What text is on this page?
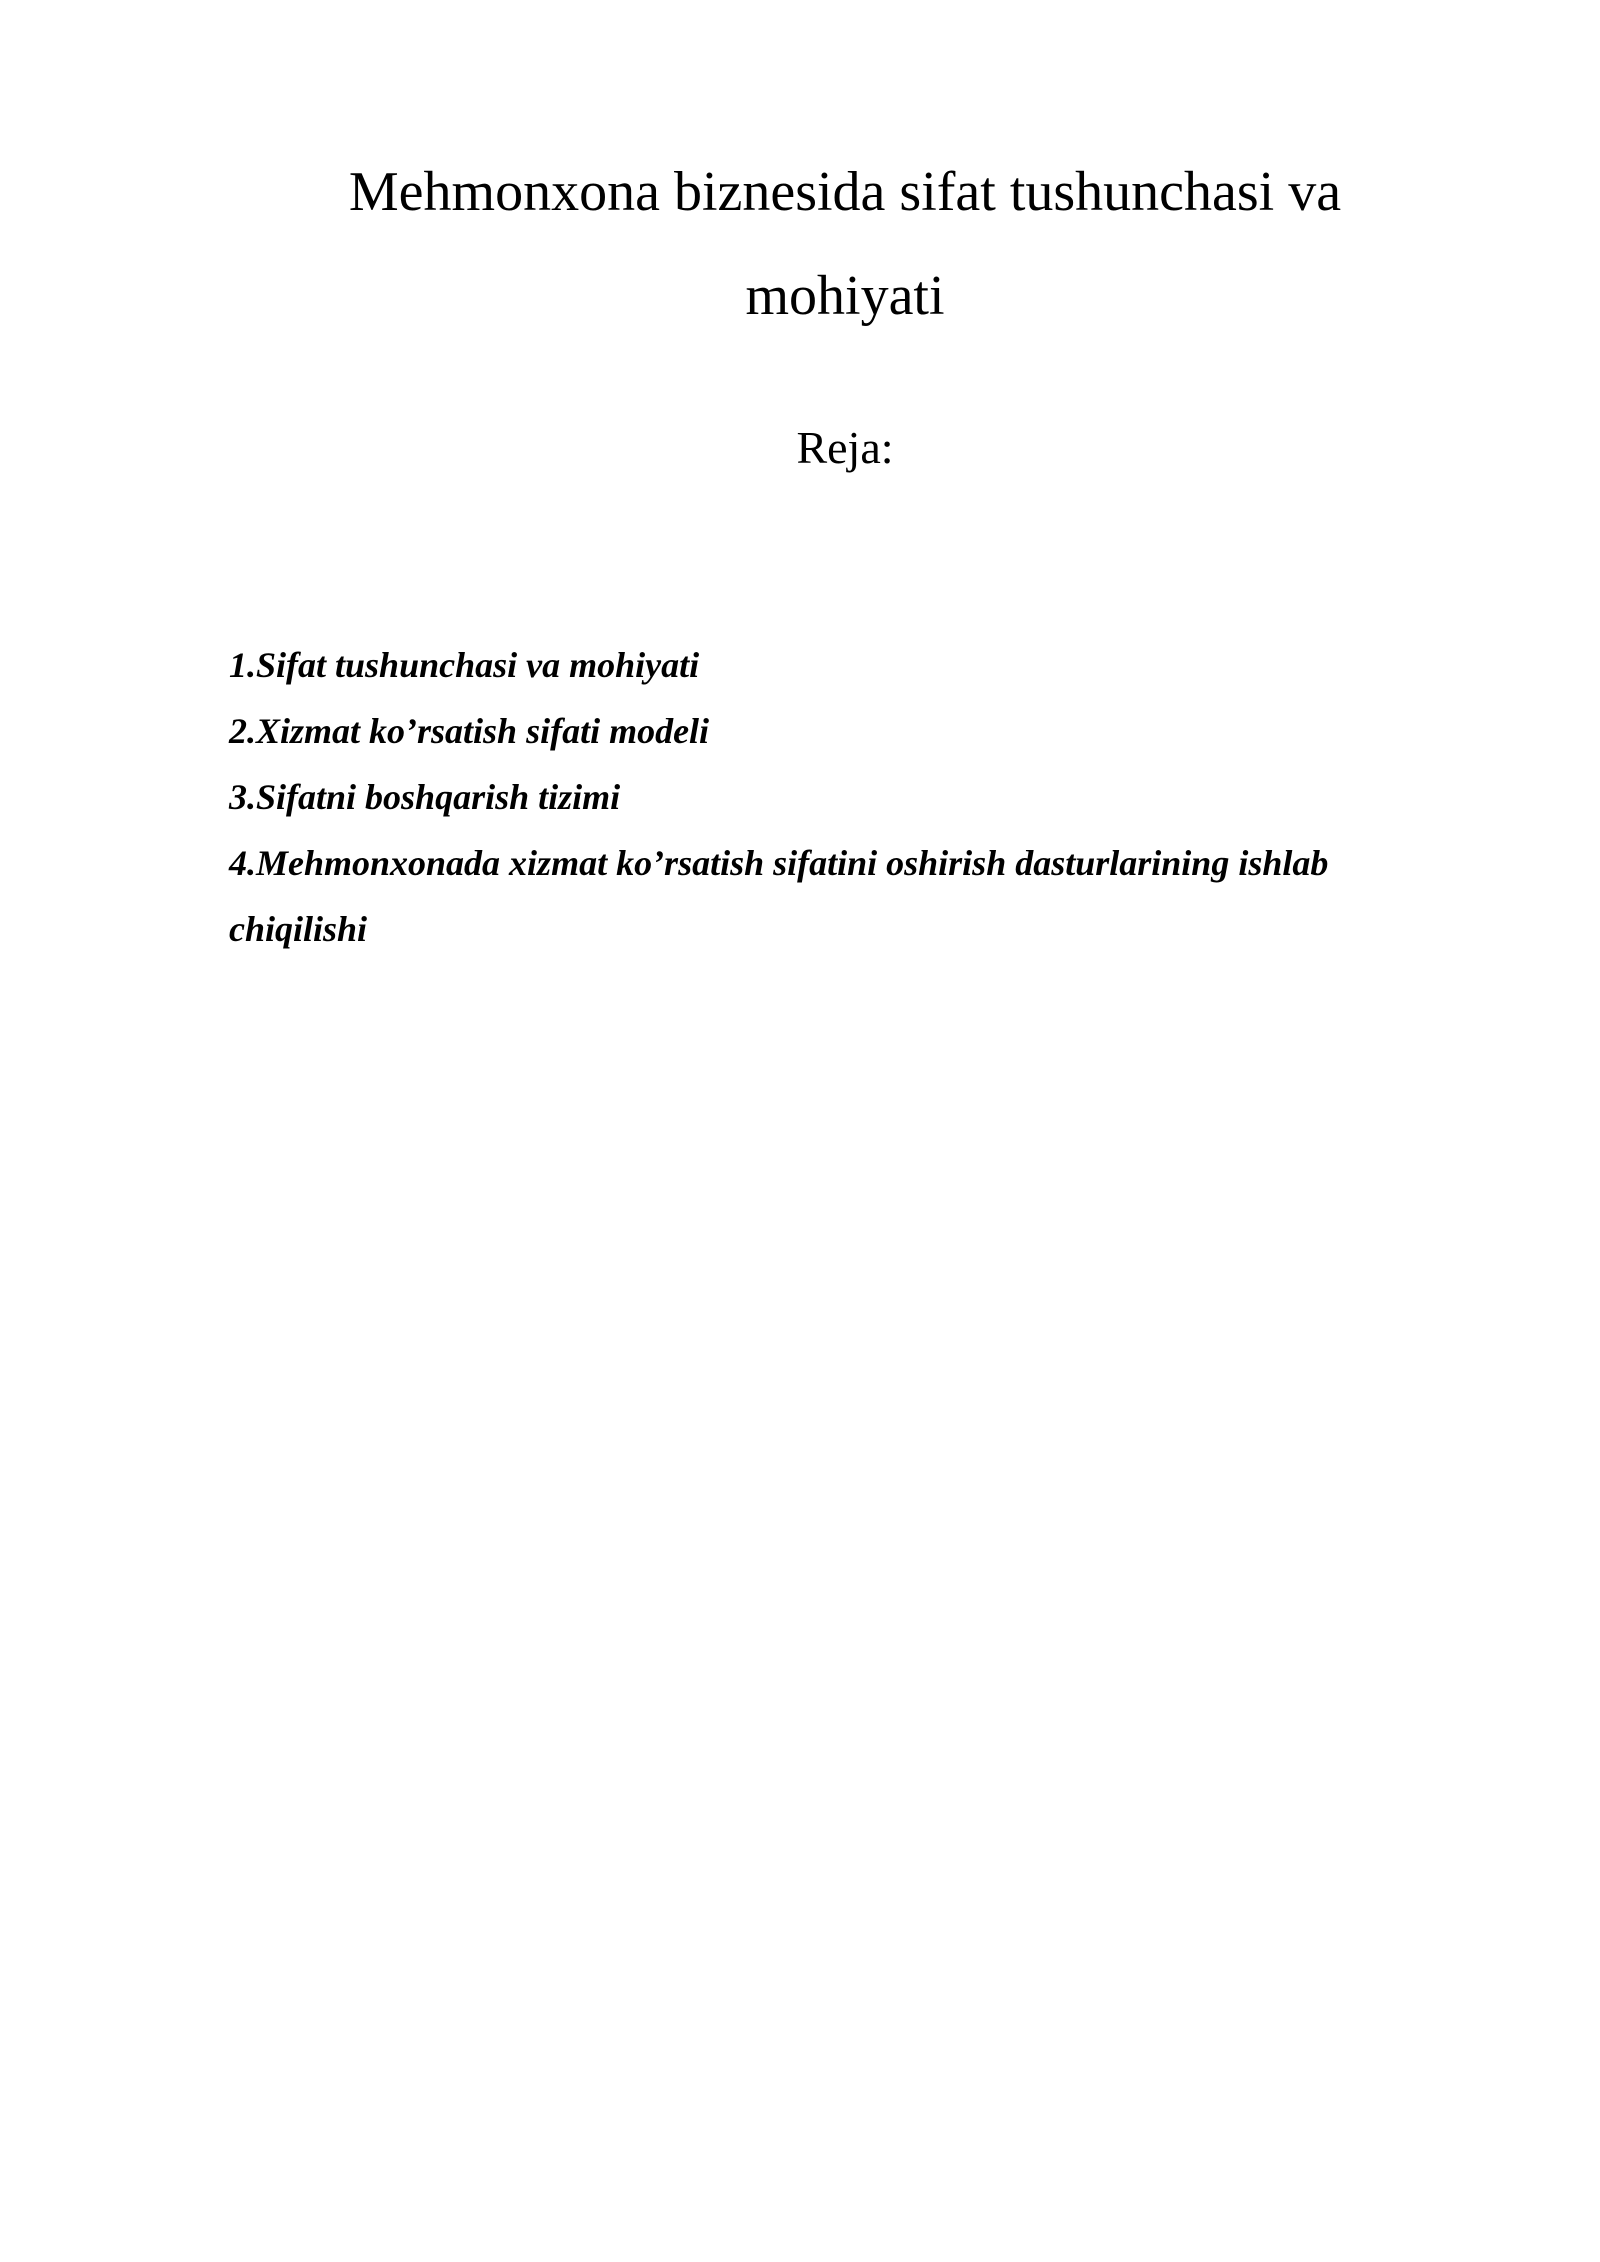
Mehmonxona biznesida sifat tushunchasi va
mohiyati

Reja:

1.Sifat tushunchasi va mohiyati
2.Xizmat ko’rsatish sifati modeli
3.Sifatni boshqarish tizimi
4.Mehmonxonada xizmat ko’rsatish sifatini oshirish dasturlarining ishlab chiqilishi
